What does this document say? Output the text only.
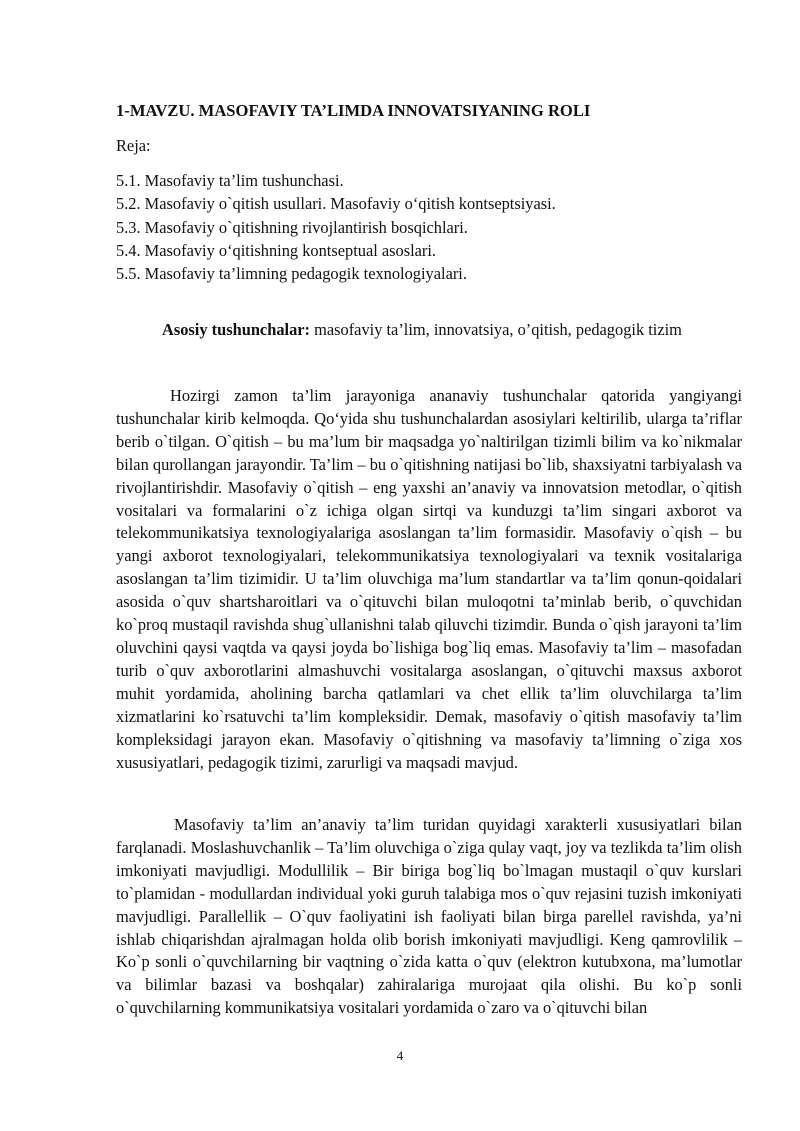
1-MAVZU. MASOFAVIY TA’LIMDA INNOVATSIYANING ROLI
Reja:
5.1. Masofaviy ta’lim tushunchasi.
5.2. Masofaviy o`qitish usullari. Masofaviy o‘qitish kontseptsiyasi.
5.3. Masofaviy o`qitishning rivojlantirish bosqichlari.
5.4. Masofaviy o‘qitishning kontseptual asoslari.
5.5. Masofaviy ta’limning pedagogik texnologiyalari.
Asosiy tushunchalar: masofaviy ta’lim, innovatsiya, o’qitish, pedagogik tizim
Hozirgi zamon ta’lim jarayoniga ananaviy tushunchalar qatorida yangiyangi tushunchalar kirib kelmoqda. Qo‘yida shu tushunchalardan asosiylari keltirilib, ularga ta’riflar berib o`tilgan. O`qitish – bu ma’lum bir maqsadga yo`naltirilgan tizimli bilim va ko`nikmalar bilan qurollangan jarayondir. Ta’lim – bu o`qitishning natijasi bo`lib, shaxsiyatni tarbiyalash va rivojlantirishdir. Masofaviy o`qitish – eng yaxshi an’anaviy va innovatsion metodlar, o`qitish vositalari va formalarini o`z ichiga olgan sirtqi va kunduzgi ta’lim singari axborot va telekommunikatsiya texnologiyalariga asoslangan ta’lim formasidir. Masofaviy o`qish – bu yangi axborot texnologiyalari, telekommunikatsiya texnologiyalari va texnik vositalariga asoslangan ta’lim tizimidir. U ta’lim oluvchiga ma’lum standartlar va ta’lim qonun-qoidalari asosida o`quv shartsharoitlari va o`qituvchi bilan muloqotni ta’minlab berib, o`quvchidan ko`proq mustaqil ravishda shug`ullanishni talab qiluvchi tizimdir. Bunda o`qish jarayoni ta’lim oluvchini qaysi vaqtda va qaysi joyda bo`lishiga bog`liq emas. Masofaviy ta’lim – masofadan turib o`quv axborotlarini almashuvchi vositalarga asoslangan, o`qituvchi maxsus axborot muhit yordamida, aholining barcha qatlamlari va chet ellik ta’lim oluvchilarga ta’lim xizmatlarini ko`rsatuvchi ta’lim kompleksidir. Demak, masofaviy o`qitish masofaviy ta’lim kompleksidagi jarayon ekan. Masofaviy o`qitishning va masofaviy ta’limning o`ziga xos xususiyatlari, pedagogik tizimi, zarurligi va maqsadi mavjud.
Masofaviy ta’lim an’anaviy ta’lim turidan quyidagi xarakterli xususiyatlari bilan farqlanadi. Moslashuvchanlik – Ta’lim oluvchiga o`ziga qulay vaqt, joy va tezlikda ta’lim olish imkoniyati mavjudligi. Modullilik – Bir biriga bog`liq bo`lmagan mustaqil o`quv kurslari to`plamidan - modullardan individual yoki guruh talabiga mos o`quv rejasini tuzish imkoniyati mavjudligi. Parallellik – O`quv faoliyatini ish faoliyati bilan birga parellel ravishda, ya’ni ishlab chiqarishdan ajralmagan holda olib borish imkoniyati mavjudligi. Keng qamrovlilik – Ko`p sonli o`quvchilarning bir vaqtning o`zida katta o`quv (elektron kutubxona, ma’lumotlar va bilimlar bazasi va boshqalar) zahiralariga murojaat qila olishi. Bu ko`p sonli o`quvchilarning kommunikatsiya vositalari yordamida o`zaro va o`qituvchi bilan
4
